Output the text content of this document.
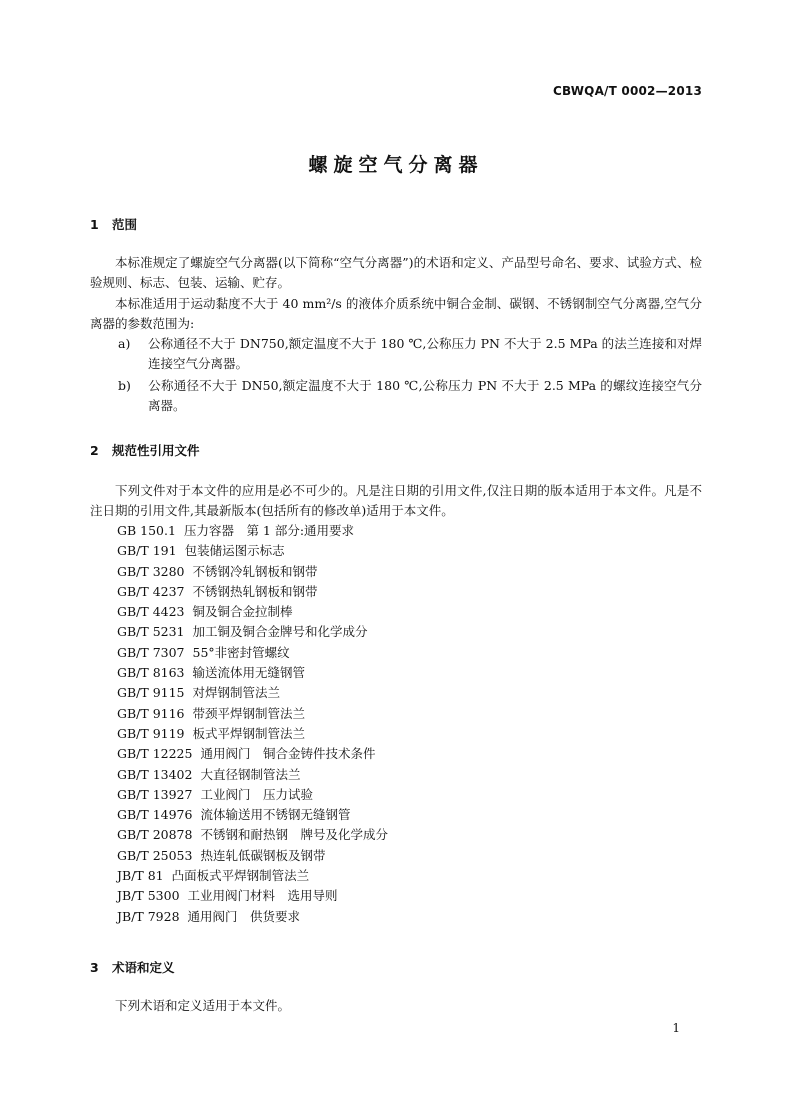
CBWQA/T 0002—2013
螺旋空气分离器
1 范围
本标准规定了螺旋空气分离器(以下简称“空气分离器”)的术语和定义、产品型号命名、要求、试验方式、检验规则、标志、包装、运输、贮存。
本标准适用于运动黏度不大于 40 mm²/s 的液体介质系统中铜合金制、碳钢、不锈钢制空气分离器,空气分离器的参数范围为:
a) 公称通径不大于 DN750,额定温度不大于 180 ℃,公称压力 PN 不大于 2.5 MPa 的法兰连接和对焊连接空气分离器。
b) 公称通径不大于 DN50,额定温度不大于 180 ℃,公称压力 PN 不大于 2.5 MPa 的螺纹连接空气分离器。
2 规范性引用文件
下列文件对于本文件的应用是必不可少的。凡是注日期的引用文件,仅注日期的版本适用于本文件。凡是不注日期的引用文件,其最新版本(包括所有的修改单)适用于本文件。
GB 150.1 压力容器　第 1 部分:通用要求
GB/T 191 包装储运图示标志
GB/T 3280 不锈钢冷轧钢板和钢带
GB/T 4237 不锈钢热轧钢板和钢带
GB/T 4423 铜及铜合金拉制棒
GB/T 5231 加工铜及铜合金牌号和化学成分
GB/T 7307 55°非密封管螺纹
GB/T 8163 输送流体用无缝钢管
GB/T 9115 对焊钢制管法兰
GB/T 9116 带颈平焊钢制管法兰
GB/T 9119 板式平焊钢制管法兰
GB/T 12225 通用阀门　铜合金铸件技术条件
GB/T 13402 大直径钢制管法兰
GB/T 13927 工业阀门　压力试验
GB/T 14976 流体输送用不锈钢无缝钢管
GB/T 20878 不锈钢和耐热钢　牌号及化学成分
GB/T 25053 热连轧低碳钢板及钢带
JB/T 81 凸面板式平焊钢制管法兰
JB/T 5300 工业用阀门材料　选用导则
JB/T 7928 通用阀门　供货要求
3 术语和定义
下列术语和定义适用于本文件。
1
